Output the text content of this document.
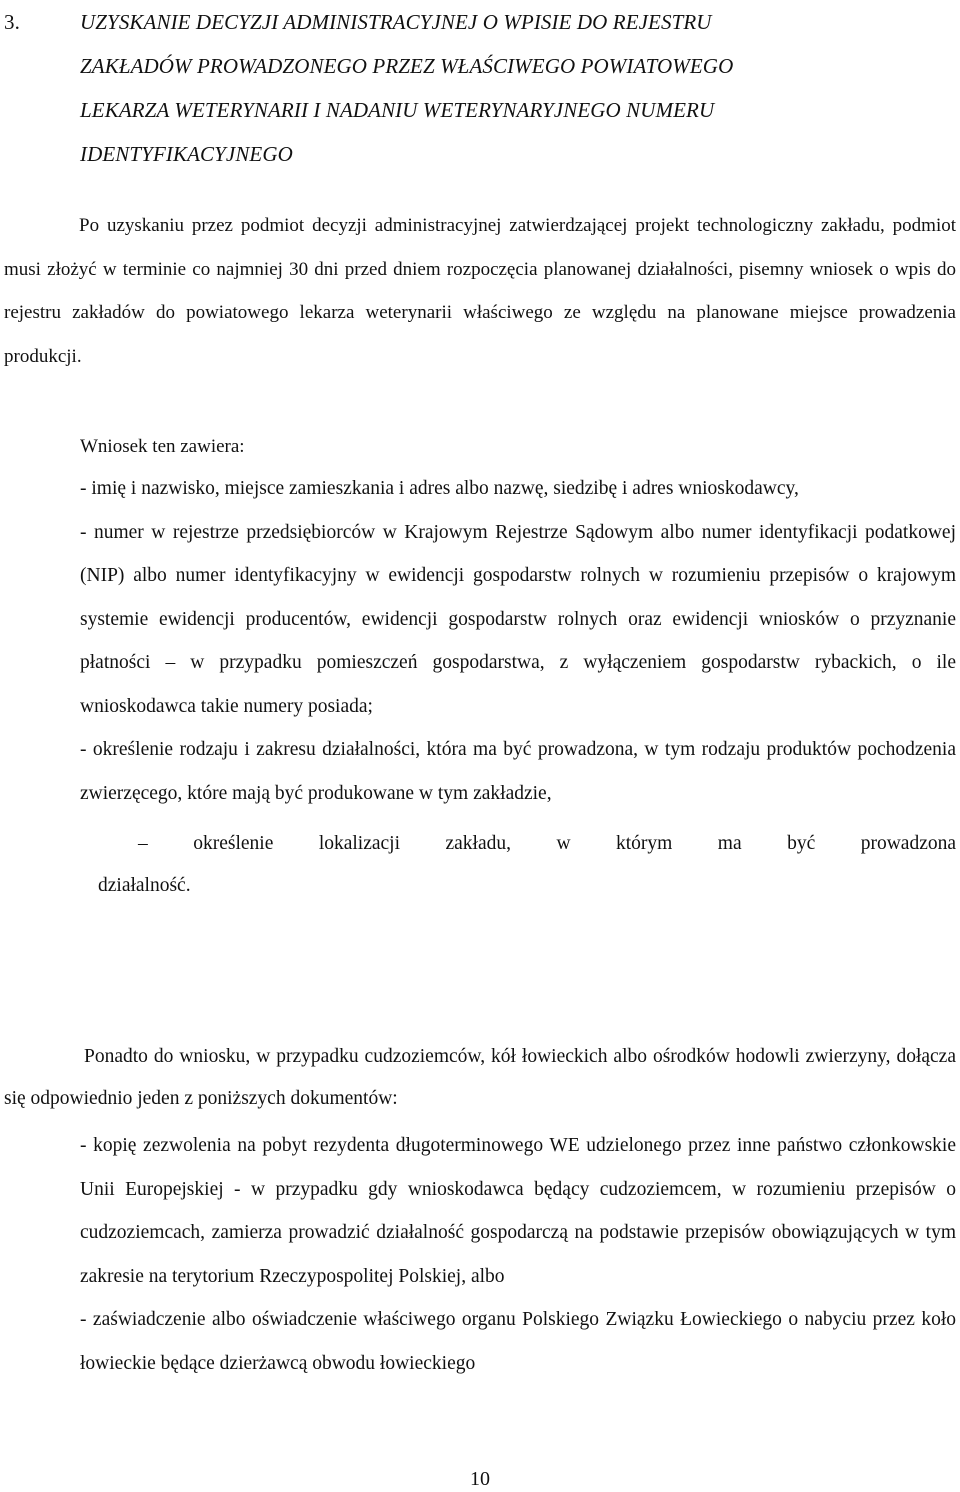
3.	UZYSKANIE DECYZJI ADMINISTRACYJNEJ O WPISIE DO REJESTRU
ZAKŁADÓW PROWADZONEGO PRZEZ WŁAŚCIWEGO POWIATOWEGO
LEKARZA WETERYNARII I NADANIU WETERYNARYJNEGO NUMERU
IDENTYFIKACYJNEGO
Po uzyskaniu przez podmiot decyzji administracyjnej zatwierdzającej projekt technologiczny zakładu, podmiot musi złożyć w terminie co najmniej 30 dni przed dniem rozpoczęcia planowanej działalności, pisemny wniosek o wpis do rejestru zakładów do powiatowego lekarza weterynarii właściwego ze względu na planowane miejsce prowadzenia produkcji.
Wniosek ten zawiera:
- imię i nazwisko, miejsce zamieszkania i adres albo nazwę, siedzibę i adres wnioskodawcy,
- numer w rejestrze przedsiębiorców w Krajowym Rejestrze Sądowym albo numer identyfikacji podatkowej (NIP) albo numer identyfikacyjny w ewidencji gospodarstw rolnych w rozumieniu przepisów o krajowym systemie ewidencji producentów, ewidencji gospodarstw rolnych oraz ewidencji wniosków o przyznanie płatności – w przypadku pomieszczeń gospodarstwa, z wyłączeniem gospodarstw rybackich, o ile wnioskodawca takie numery posiada;
- określenie rodzaju i zakresu działalności, która ma być prowadzona, w tym rodzaju produktów pochodzenia zwierzęcego, które mają być produkowane w tym zakładzie,
– określenie lokalizacji zakładu, w którym ma być prowadzona
działalność.
Ponadto do wniosku, w przypadku cudzoziemców, kół łowieckich albo ośrodków hodowli zwierzyny, dołącza się odpowiednio jeden z poniższych dokumentów:
- kopię zezwolenia na pobyt rezydenta długoterminowego WE udzielonego przez inne państwo członkowskie Unii Europejskiej - w przypadku gdy wnioskodawca będący cudzoziemcem, w rozumieniu przepisów o cudzoziemcach, zamierza prowadzić działalność gospodarczą na podstawie przepisów obowiązujących w tym zakresie na terytorium Rzeczypospolitej Polskiej, albo
- zaświadczenie albo oświadczenie właściwego organu Polskiego Związku Łowieckiego o nabyciu przez koło łowieckie będące dzierżawcą obwodu łowieckiego
10
